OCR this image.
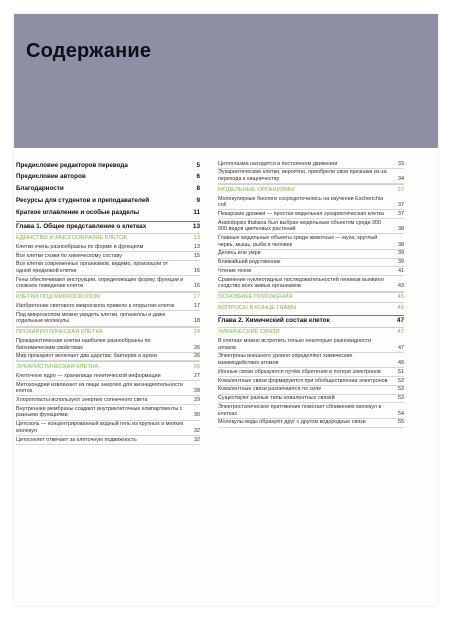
Содержание
Предисловие редакторов перевода	5
Предисловие авторов	6
Благодарности	8
Ресурсы для студентов и преподавателей	9
Краткое оглавление и особые разделы	11
Глава 1. Общее представление о клетках	13
ЕДИНСТВО И МНОГООБРАЗИЕ КЛЕТОК	13
Клетки очень разнообразны по форме и функциям	13
Все клетки схожи по химическому составу	15
Все клетки современных организмов, видимо, произошли от одной предковой клетки	16
Гены обеспечивают инструкции, определяющие форму, функции и сложное поведение клеток	16
КЛЕТКИ ПОД МИКРОСКОПОМ	17
Изобретение светового микроскопа привело к открытию клеток	17
Под микроскопом можно увидеть клетки, органеллы и даже отдельные молекулы	18
ПРОКАРИОТИЧЕСКАЯ КЛЕТКА	24
Прокариотические клетки наиболее разнообразны по биохимическим свойствам	26
Мир прокариот включает два царства: бактерии и археи	26
ЭУКАРИОТИЧЕСКАЯ КЛЕТКА	26
Клеточное ядро — хранилище генетической информации	27
Митохондрии извлекают из пищи энергию для жизнедеятельности клеток	28
Хлоропласты используют энергию солнечного света	29
Внутренние мембраны создают внутриклеточные компартменты с разными функциями	30
Цитозоль — концентрированный водный гель из крупных и мелких молекул	32
Цитоскелет отвечает за клеточную подвижность	32
Цитоплазма находится в постоянном движении	33
Эукариотические клетки, вероятно, приобрели свои признаки из-за перехода к хищничеству	34
МОДЕЛЬНЫЕ ОРГАНИЗМЫ	37
Молекулярные биологи сосредоточились на изучении Escherichia coli	37
Пекарские дрожжи — простая модельная эукариотическая клетка	37
Arabidopsis thaliana был выбран модельным объектом среди 300 000 видов цветковых растений	38
Главные модельные объекты среди животных — муха, круглый червь, мышь, рыба и человек	38
Делись или умри	39
Ближайший родственник	39
Чтение генов	41
Сравнение нуклеотидных последовательностей геномов выявило сходство всех живых организмов	43
ОСНОВНЫЕ ПОЛОЖЕНИЯ	45
ВОПРОСЫ В КОНЦЕ ГЛАВЫ	45
Глава 2. Химический состав клеток	47
ХИМИЧЕСКИЕ СВЯЗИ	47
В клетках можно встретить только некоторые разновидности атомов	47
Электроны внешнего уровня определяют химические взаимодействия атомов	49
Ионные связи образуются путём обретения и потери электронов	51
Ковалентные связи формируются при обобществлении электронов	52
Ковалентные связи различаются по силе	53
Существуют разные типы ковалентных связей	53
Электростатическое притяжение помогает сближению молекул в клетках	54
Молекулы воды образуют друг с другом водородные связи	55
